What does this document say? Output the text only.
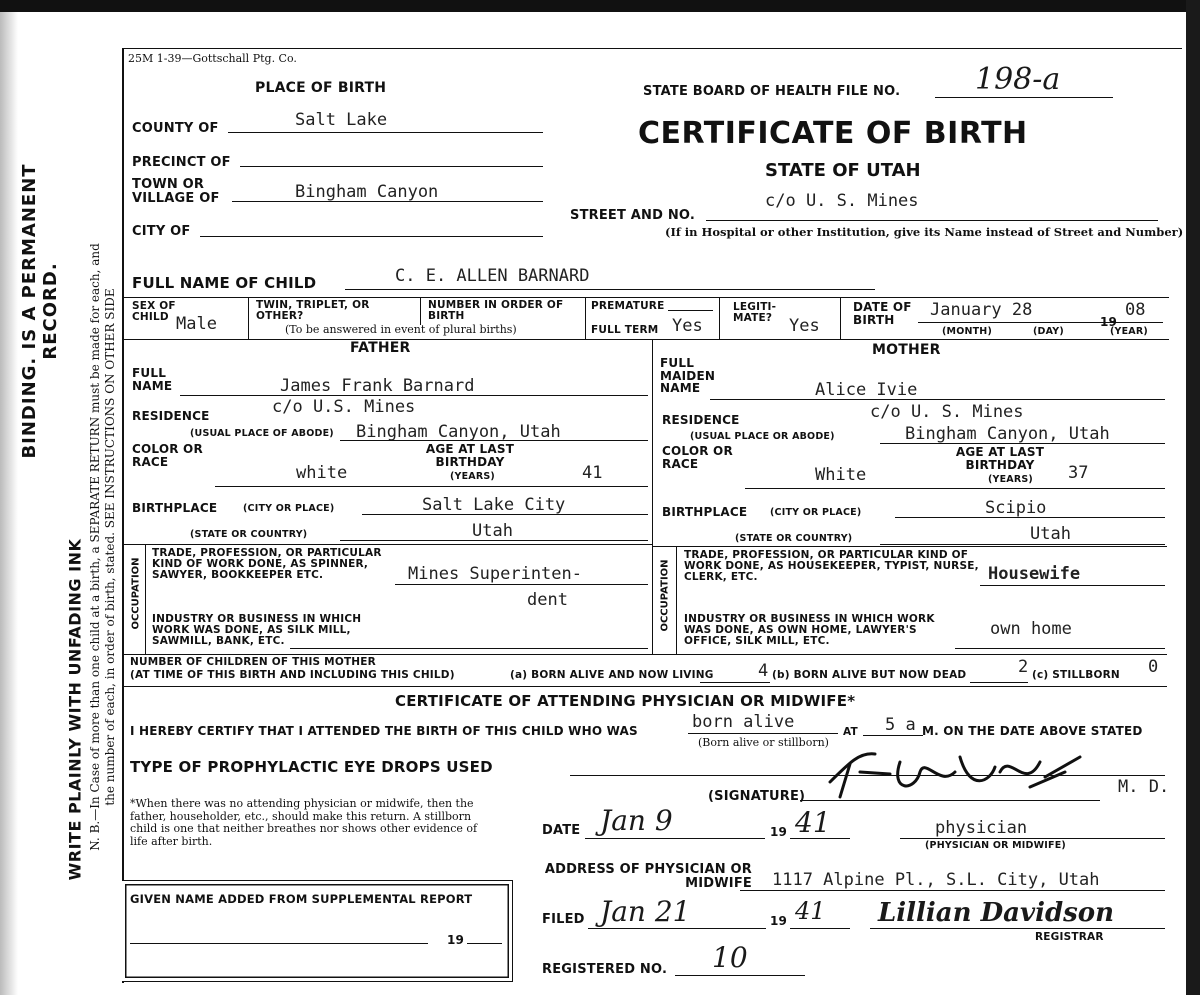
BINDING. IS A PERMANENT RECORD.
WRITE PLAINLY WITH UNFADING INK N. B.—In Case of more than one child at a birth, a SEPARATE RETURN must be made for each, and the number of each, in order of birth, stated. SEE INSTRUCTIONS ON OTHER SIDE
25M 1-39—Gottschall Ptg. Co.
PLACE OF BIRTH
COUNTY OF	Salt Lake
PRECINCT OF
TOWN OR VILLAGE OF	Bingham Canyon
CITY OF
STATE BOARD OF HEALTH FILE NO. 198-a
CERTIFICATE OF BIRTH
STATE OF UTAH
STREET AND NO.
c/o U. S. Mines
(If in Hospital or other Institution, give its Name instead of Street and Number)
FULL NAME OF CHILD	C. E. ALLEN BARNARD
SEX OF CHILD Male
TWIN, TRIPLET, OR OTHER?
NUMBER IN ORDER OF BIRTH
(To be answered in event of plural births)
PREMATURE
FULL TERM Yes
LEGITI- MATE? Yes
DATE OF BIRTH	January 28
19
08
(MONTH)	(DAY)	(YEAR)
FATHER	MOTHER
FULL NAME	James Frank Barnard
RESIDENCE
(USUAL PLACE OF ABODE)
c/o U.S. Mines
Bingham Canyon, Utah
COLOR OR RACE
white
AGE AT LAST BIRTHDAY
(YEARS)	41
BIRTHPLACE	(CITY OR PLACE)	Salt Lake City
(STATE OR COUNTRY)	Utah
OCCUPATION
TRADE, PROFESSION, OR PARTICULAR KIND OF WORK DONE, AS SPINNER, SAWYER, BOOKKEEPER ETC.	Mines Superinten-
dent
INDUSTRY OR BUSINESS IN WHICH WORK WAS DONE, AS SILK MILL, SAWMILL, BANK, ETC.
FULL MAIDEN NAME	Alice Ivie
RESIDENCE
(USUAL PLACE OR ABODE)
c/o U. S. Mines
Bingham Canyon, Utah
COLOR OR RACE
White
AGE AT LAST BIRTHDAY
(YEARS) 37
BIRTHPLACE (CITY OR PLACE)	Scipio
(STATE OR COUNTRY)	Utah
OCCUPATION
TRADE, PROFESSION, OR PARTICULAR KIND OF WORK DONE, AS HOUSEKEEPER, TYPIST, NURSE, CLERK, ETC.	Housewife
INDUSTRY OR BUSINESS IN WHICH WORK WAS DONE, AS OWN HOME, LAWYER'S OFFICE, SILK MILL, ETC.
own home
NUMBER OF CHILDREN OF THIS MOTHER
(AT TIME OF THIS BIRTH AND INCLUDING THIS CHILD)	(a) BORN ALIVE AND NOW LIVING	4 (b) BORN ALIVE BUT NOW DEAD	2 (c) STILLBORN 0
CERTIFICATE OF ATTENDING PHYSICIAN OR MIDWIFE*
I HEREBY CERTIFY THAT I ATTENDED THE BIRTH OF THIS CHILD WHO WAS	born alive
(Born alive or stillborn)
AT 5 a M. ON THE DATE ABOVE STATED
TYPE OF PROPHYLACTIC EYE DROPS USED
(SIGNATURE)	M. D.
*When there was no attending physician or midwife, then the father, householder, etc., should make this return. A stillborn child is one that neither breathes nor shows other evidence of life after birth.
DATE Jan 9	19 41	physician
(PHYSICIAN OR MIDWIFE)
ADDRESS OF PHYSICIAN OR MIDWIFE 1117 Alpine Pl., S.L. City, Utah
GIVEN NAME ADDED FROM SUPPLEMENTAL REPORT
19
FILED Jan 21	19 41 Lillian Davidson
REGISTRAR
REGISTERED NO. 10
